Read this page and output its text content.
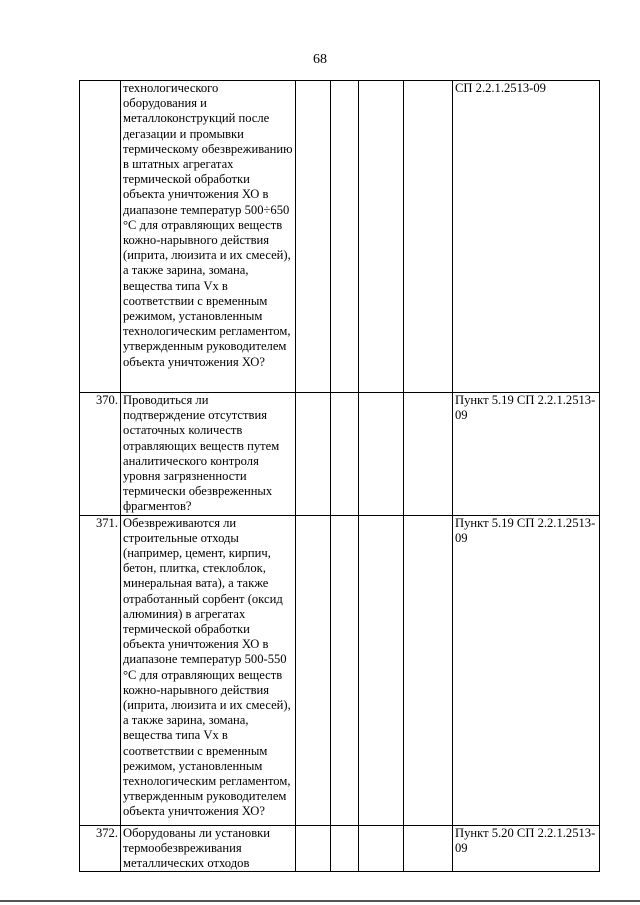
68
	технологического оборудования и металлоконструкций после дегазации и промывки термическому обезвреживанию в штатных агрегатах термической обработки объекта уничтожения ХО в диапазоне температур 500÷650 °С для отравляющих веществ кожно-нарывного действия (иприта, люизита и их смесей), а также зарина, зомана, вещества типа Vx в соответствии с временным режимом, установленным технологическим регламентом, утвержденным руководителем объекта уничтожения ХО?					СП 2.2.1.2513-09
370.	Проводиться ли подтверждение отсутствия остаточных количеств отравляющих веществ путем аналитического контроля уровня загрязненности термически обезвреженных фрагментов?					Пункт 5.19 СП 2.2.1.2513-09
371.	Обезвреживаются ли строительные отходы (например, цемент, кирпич, бетон, плитка, стеклоблок, минеральная вата), а также отработанный сорбент (оксид алюминия) в агрегатах термической обработки объекта уничтожения ХО в диапазоне температур 500-550 °С для отравляющих веществ кожно-нарывного действия (иприта, люизита и их смесей), а также зарина, зомана, вещества типа Vx в соответствии с временным режимом, установленным технологическим регламентом, утвержденным руководителем объекта уничтожения ХО?					Пункт 5.19 СП 2.2.1.2513-09
372.	Оборудованы ли установки термообезвреживания металлических отходов					Пункт 5.20 СП 2.2.1.2513-09
